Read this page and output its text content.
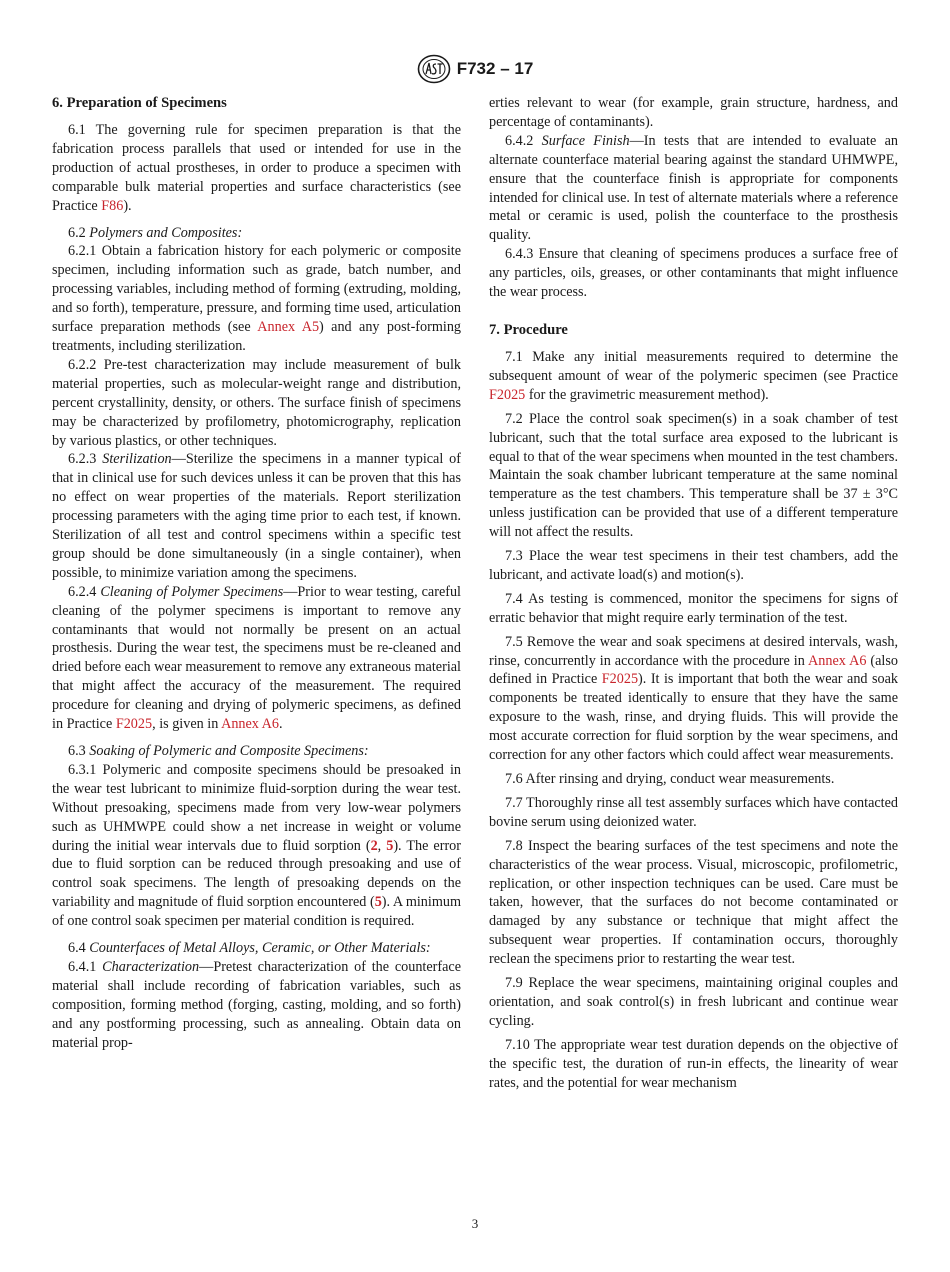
F732 – 17
6. Preparation of Specimens

6.1 The governing rule for specimen preparation is that the fabrication process parallels that used or intended for use in the production of actual prostheses, in order to produce a specimen with comparable bulk material properties and surface characteristics (see Practice F86).

6.2 Polymers and Composites:

6.2.1 Obtain a fabrication history for each polymeric or composite specimen, including information such as grade, batch number, and processing variables, including method of forming (extruding, molding, and so forth), temperature, pressure, and forming time used, articulation surface preparation methods (see Annex A5) and any post-forming treatments, including sterilization.

6.2.2 Pre-test characterization may include measurement of bulk material properties, such as molecular-weight range and distribution, percent crystallinity, density, or others. The surface finish of specimens may be characterized by profilometry, photomicrography, replication by various plastics, or other techniques.

6.2.3 Sterilization—Sterilize the specimens in a manner typical of that in clinical use for such devices unless it can be proven that this has no effect on wear properties of the materials. Report sterilization processing parameters with the aging time prior to each test, if known. Sterilization of all test and control specimens within a specific test group should be done simultaneously (in a single container), when possible, to minimize variation among the specimens.

6.2.4 Cleaning of Polymer Specimens—Prior to wear testing, careful cleaning of the polymer specimens is important to remove any contaminants that would not normally be present on an actual prosthesis. During the wear test, the specimens must be re-cleaned and dried before each wear measurement to remove any extraneous material that might affect the accuracy of the measurement. The required procedure for cleaning and drying of polymeric specimens, as defined in Practice F2025, is given in Annex A6.

6.3 Soaking of Polymeric and Composite Specimens:

6.3.1 Polymeric and composite specimens should be presoaked in the wear test lubricant to minimize fluid-sorption during the wear test. Without presoaking, specimens made from very low-wear polymers such as UHMWPE could show a net increase in weight or volume during the initial wear intervals due to fluid sorption (2, 5). The error due to fluid sorption can be reduced through presoaking and use of control soak specimens. The length of presoaking depends on the variability and magnitude of fluid sorption encountered (5). A minimum of one control soak specimen per material condition is required.

6.4 Counterfaces of Metal Alloys, Ceramic, or Other Materials:

6.4.1 Characterization—Pretest characterization of the counterface material shall include recording of fabrication variables, such as composition, forming method (forging, casting, molding, and so forth) and any postforming processing, such as annealing. Obtain data on material prop-

erties relevant to wear (for example, grain structure, hardness, and percentage of contaminants).

6.4.2 Surface Finish—In tests that are intended to evaluate an alternate counterface material bearing against the standard UHMWPE, ensure that the counterface finish is appropriate for components intended for clinical use. In test of alternate materials where a reference metal or ceramic is used, polish the counterface to the prosthesis quality.

6.4.3 Ensure that cleaning of specimens produces a surface free of any particles, oils, greases, or other contaminants that might influence the wear process.

7. Procedure

7.1 Make any initial measurements required to determine the subsequent amount of wear of the polymeric specimen (see Practice F2025 for the gravimetric measurement method).

7.2 Place the control soak specimen(s) in a soak chamber of test lubricant, such that the total surface area exposed to the lubricant is equal to that of the wear specimens when mounted in the test chambers. Maintain the soak chamber lubricant temperature at the same nominal temperature as the test chambers. This temperature shall be 37 ± 3°C unless justification can be provided that use of a different temperature will not affect the results.

7.3 Place the wear test specimens in their test chambers, add the lubricant, and activate load(s) and motion(s).

7.4 As testing is commenced, monitor the specimens for signs of erratic behavior that might require early termination of the test.

7.5 Remove the wear and soak specimens at desired intervals, wash, rinse, concurrently in accordance with the procedure in Annex A6 (also defined in Practice F2025). It is important that both the wear and soak components be treated identically to ensure that they have the same exposure to the wash, rinse, and drying fluids. This will provide the most accurate correction for fluid sorption by the wear specimens, and correction for any other factors which could affect wear measurements.

7.6 After rinsing and drying, conduct wear measurements.

7.7 Thoroughly rinse all test assembly surfaces which have contacted bovine serum using deionized water.

7.8 Inspect the bearing surfaces of the test specimens and note the characteristics of the wear process. Visual, microscopic, profilometric, replication, or other inspection techniques can be used. Care must be taken, however, that the surfaces do not become contaminated or damaged by any substance or technique that might affect the subsequent wear properties. If contamination occurs, thoroughly reclean the specimens prior to restarting the wear test.

7.9 Replace the wear specimens, maintaining original couples and orientation, and soak control(s) in fresh lubricant and continue wear cycling.

7.10 The appropriate wear test duration depends on the objective of the specific test, the duration of run-in effects, the linearity of wear rates, and the potential for wear mechanism

3
